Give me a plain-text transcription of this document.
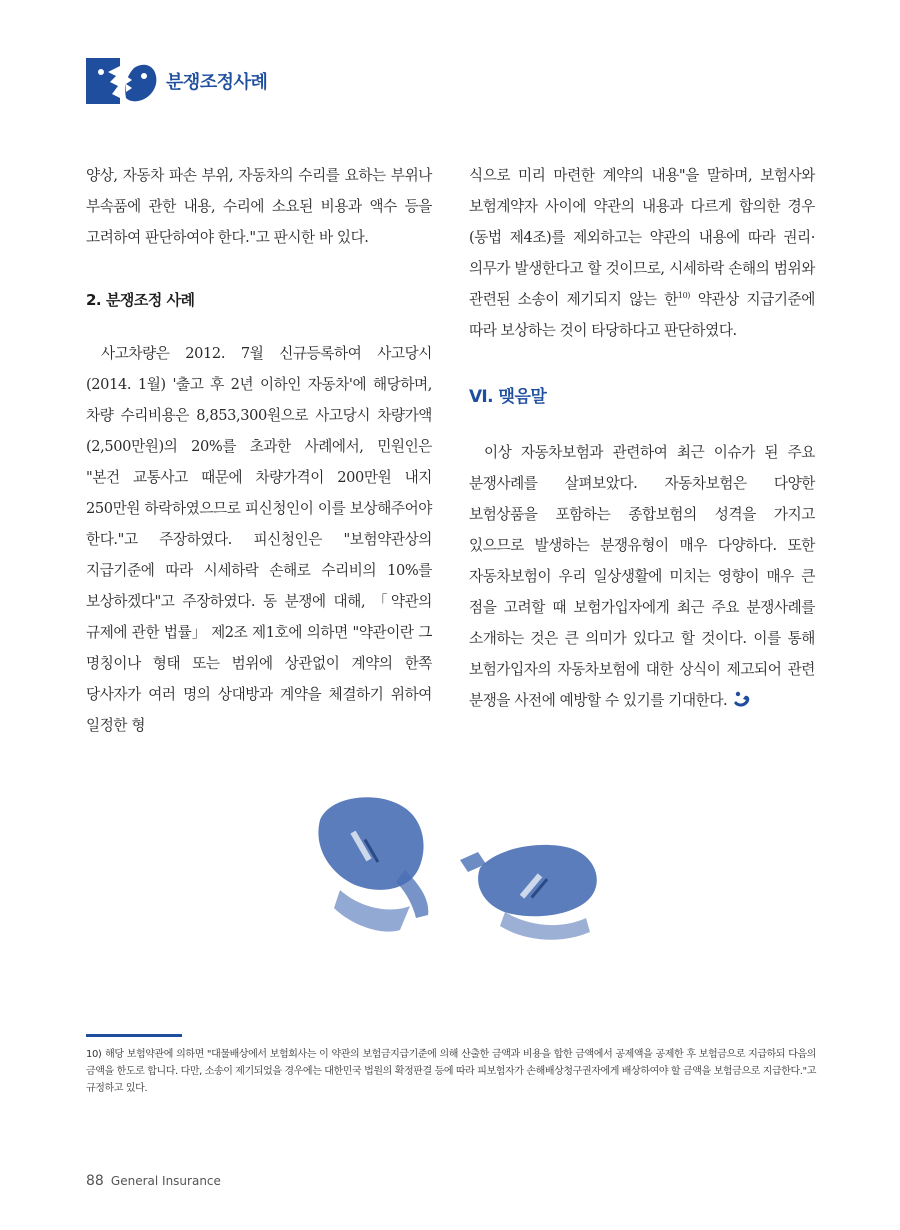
분쟁조정사례

양상, 자동차 파손 부위, 자동차의 수리를 요하는 부위나 부속품에 관한 내용, 수리에 소요된 비용과 액수 등을 고려하여 판단하여야 한다."고 판시한 바 있다.

2. 분쟁조정 사례

사고차량은 2012. 7월 신규등록하여 사고당시 (2014. 1월) '출고 후 2년 이하인 자동차'에 해당하며, 차량 수리비용은 8,853,300원으로 사고당시 차량가액(2,500만원)의 20%를 초과한 사례에서, 민원인은 "본건 교통사고 때문에 차량가격이 200만원 내지 250만원 하락하였으므로 피신청인이 이를 보상해주어야 한다."고 주장하였다. 피신청인은 "보험약관상의 지급기준에 따라 시세하락 손해로 수리비의 10%를 보상하겠다"고 주장하였다. 동 분쟁에 대해, 「약관의 규제에 관한 법률」 제2조 제1호에 의하면 "약관이란 그 명칭이나 형태 또는 범위에 상관없이 계약의 한쪽 당사자가 여러 명의 상대방과 계약을 체결하기 위하여 일정한 형

식으로 미리 마련한 계약의 내용"을 말하며, 보험사와 보험계약자 사이에 약관의 내용과 다르게 합의한 경우 (동법 제4조)를 제외하고는 약관의 내용에 따라 권리·의무가 발생한다고 할 것이므로, 시세하락 손해의 범위와 관련된 소송이 제기되지 않는 한$^{10)}$ 약관상 지급기준에 따라 보상하는 것이 타당하다고 판단하였다.

Ⅵ. 맺음말

이상 자동차보험과 관련하여 최근 이슈가 된 주요 분쟁사례를 살펴보았다. 자동차보험은 다양한 보험상품을 포함하는 종합보험의 성격을 가지고 있으므로 발생하는 분쟁유형이 매우 다양하다. 또한 자동차보험이 우리 일상생활에 미치는 영향이 매우 큰 점을 고려할 때 보험가입자에게 최근 주요 분쟁사례를 소개하는 것은 큰 의미가 있다고 할 것이다. 이를 통해 보험가입자의 자동차보험에 대한 상식이 제고되어 관련 분쟁을 사전에 예방할 수 있기를 기대한다.

10) 해당 보험약관에 의하면 "대물배상에서 보험회사는 이 약관의 보험금지급기준에 의해 산출한 금액과 비용을 합한 금액에서 공제액을 공제한 후 보험금으로 지급하되 다음의 금액을 한도로 합니다. 다만, 소송이 제기되었을 경우에는 대한민국 법원의 확정판결 등에 따라 피보험자가 손해배상청구권자에게 배상하여야 할 금액을 보험금으로 지급한다."고 규정하고 있다.
88 General Insurance
